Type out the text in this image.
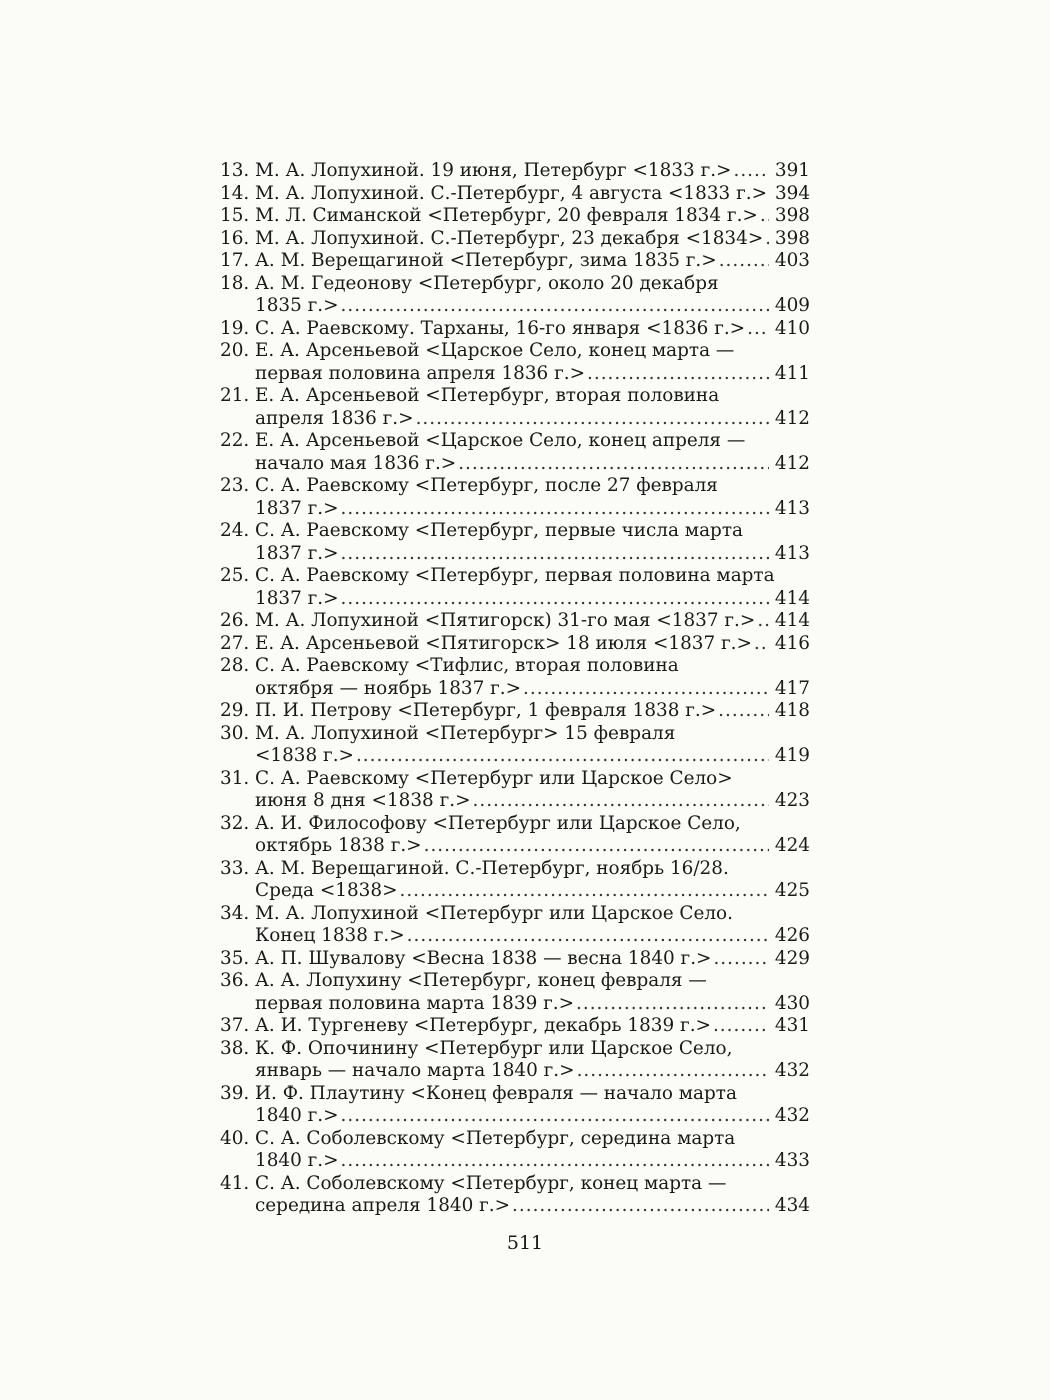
13. М. А. Лопухиной. 19 июня, Петербург <1833 г.> ..... 391
14. М. А. Лопухиной. С.-Петербург, 4 августа <1833 г.> 394
15. М. Л. Симанской <Петербург, 20 февраля 1834 г.> ..... 398
16. М. А. Лопухиной. С.-Петербург, 23 декабря <1834> ..... 398
17. А. М. Верещагиной <Петербург, зима 1835 г.> .....	403
18. А. М. Гедеонову <Петербург, около 20 декабря
1835 г.> .....	409
19. С. А. Раевскому. Тарханы, 16-го января <1836 г.> ..... 410
20. Е. А. Арсеньевой <Царское Село, конец марта —
первая половина апреля 1836 г.> .....	411
21. Е. А. Арсеньевой <Петербург, вторая половина
апреля 1836 г.> .....	412
22. Е. А. Арсеньевой <Царское Село, конец апреля —
начало мая 1836 г.> .....	412
23. С. А. Раевскому <Петербург, после 27 февраля
1837 г.> .....	413
24. С. А. Раевскому <Петербург, первые числа марта
1837 г.> .....	413
25. С. А. Раевскому <Петербург, первая половина марта
1837 г.> .....	414
26. М. А. Лопухиной <Пятигорск) 31-го мая <1837 г.> ..... 414
27. Е. А. Арсеньевой <Пятигорск> 18 июля <1837 г.> ..... 416
28. С. А. Раевскому <Тифлис, вторая половина
октября — ноябрь 1837 г.> .....	417
29. П. И. Петрову <Петербург, 1 февраля 1838 г.> .....	418
30. М. А. Лопухиной <Петербург> 15 февраля
<1838 г.> .....	419
31. С. А. Раевскому <Петербург или Царское Село>
июня 8 дня <1838 г.> .....	423
32. А. И. Философову <Петербург или Царское Село,
октябрь 1838 г.> .....	424
33. А. М. Верещагиной. С.-Петербург, ноябрь 16/28.
Среда <1838> .....	425
34. М. А. Лопухиной <Петербург или Царское Село.
Конец 1838 г.> .....	426
35. А. П. Шувалову <Весна 1838 — весна 1840 г.> .....	429
36. А. А. Лопухину <Петербург, конец февраля —
первая половина марта 1839 г.> .....	430
37. А. И. Тургеневу <Петербург, декабрь 1839 г.> .....	431
38. К. Ф. Опочинину <Петербург или Царское Село,
январь — начало марта 1840 г.> .....	432
39. И. Ф. Плаутину <Конец февраля — начало марта
1840 г.> .....	432
40. С. А. Соболевскому <Петербург, середина марта
1840 г.> .....	433
41. С. А. Соболевскому <Петербург, конец марта —
середина апреля 1840 г.> .....	434
511
